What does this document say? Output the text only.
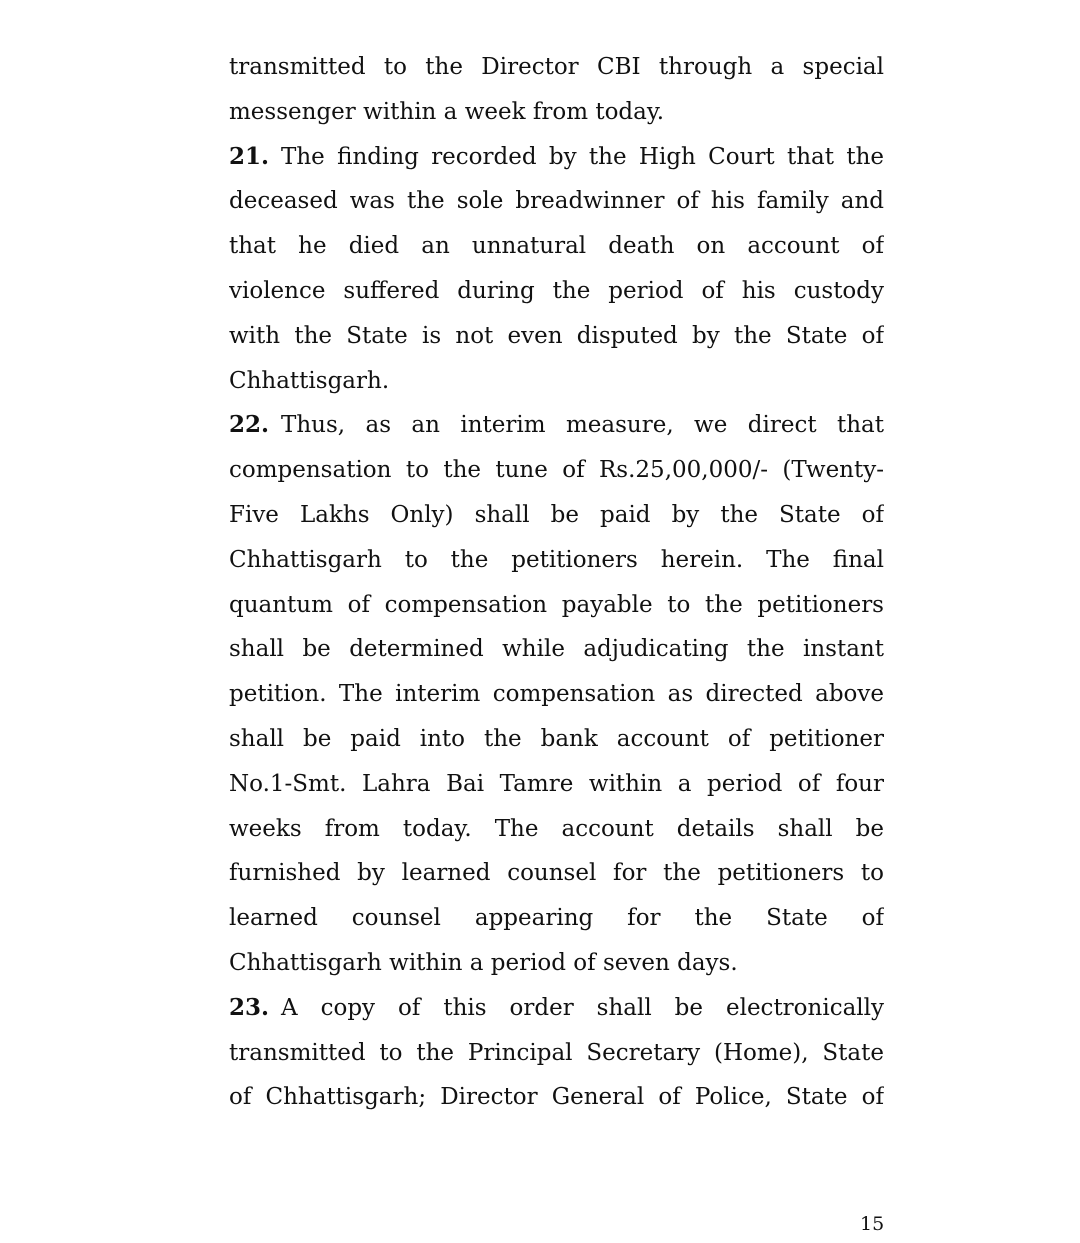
transmitted to the Director CBI through a special
messenger within a week from today.
21. The finding recorded by the High Court that the
deceased was the sole breadwinner of his family and
that he died an unnatural death on account of
violence suffered during the period of his custody
with the State is not even disputed by the State of
Chhattisgarh.
22. Thus, as an interim measure, we direct that
compensation to the tune of Rs.25,00,000/- (Twenty-
Five Lakhs Only) shall be paid by the State of
Chhattisgarh to the petitioners herein. The final
quantum of compensation payable to the petitioners
shall be determined while adjudicating the instant
petition. The interim compensation as directed above
shall be paid into the bank account of petitioner
No.1-Smt. Lahra Bai Tamre within a period of four
weeks from today. The account details shall be
furnished by learned counsel for the petitioners to
learned counsel appearing for the State of
Chhattisgarh within a period of seven days.
23. A copy of this order shall be electronically
transmitted to the Principal Secretary (Home), State
of Chhattisgarh; Director General of Police, State of
15
